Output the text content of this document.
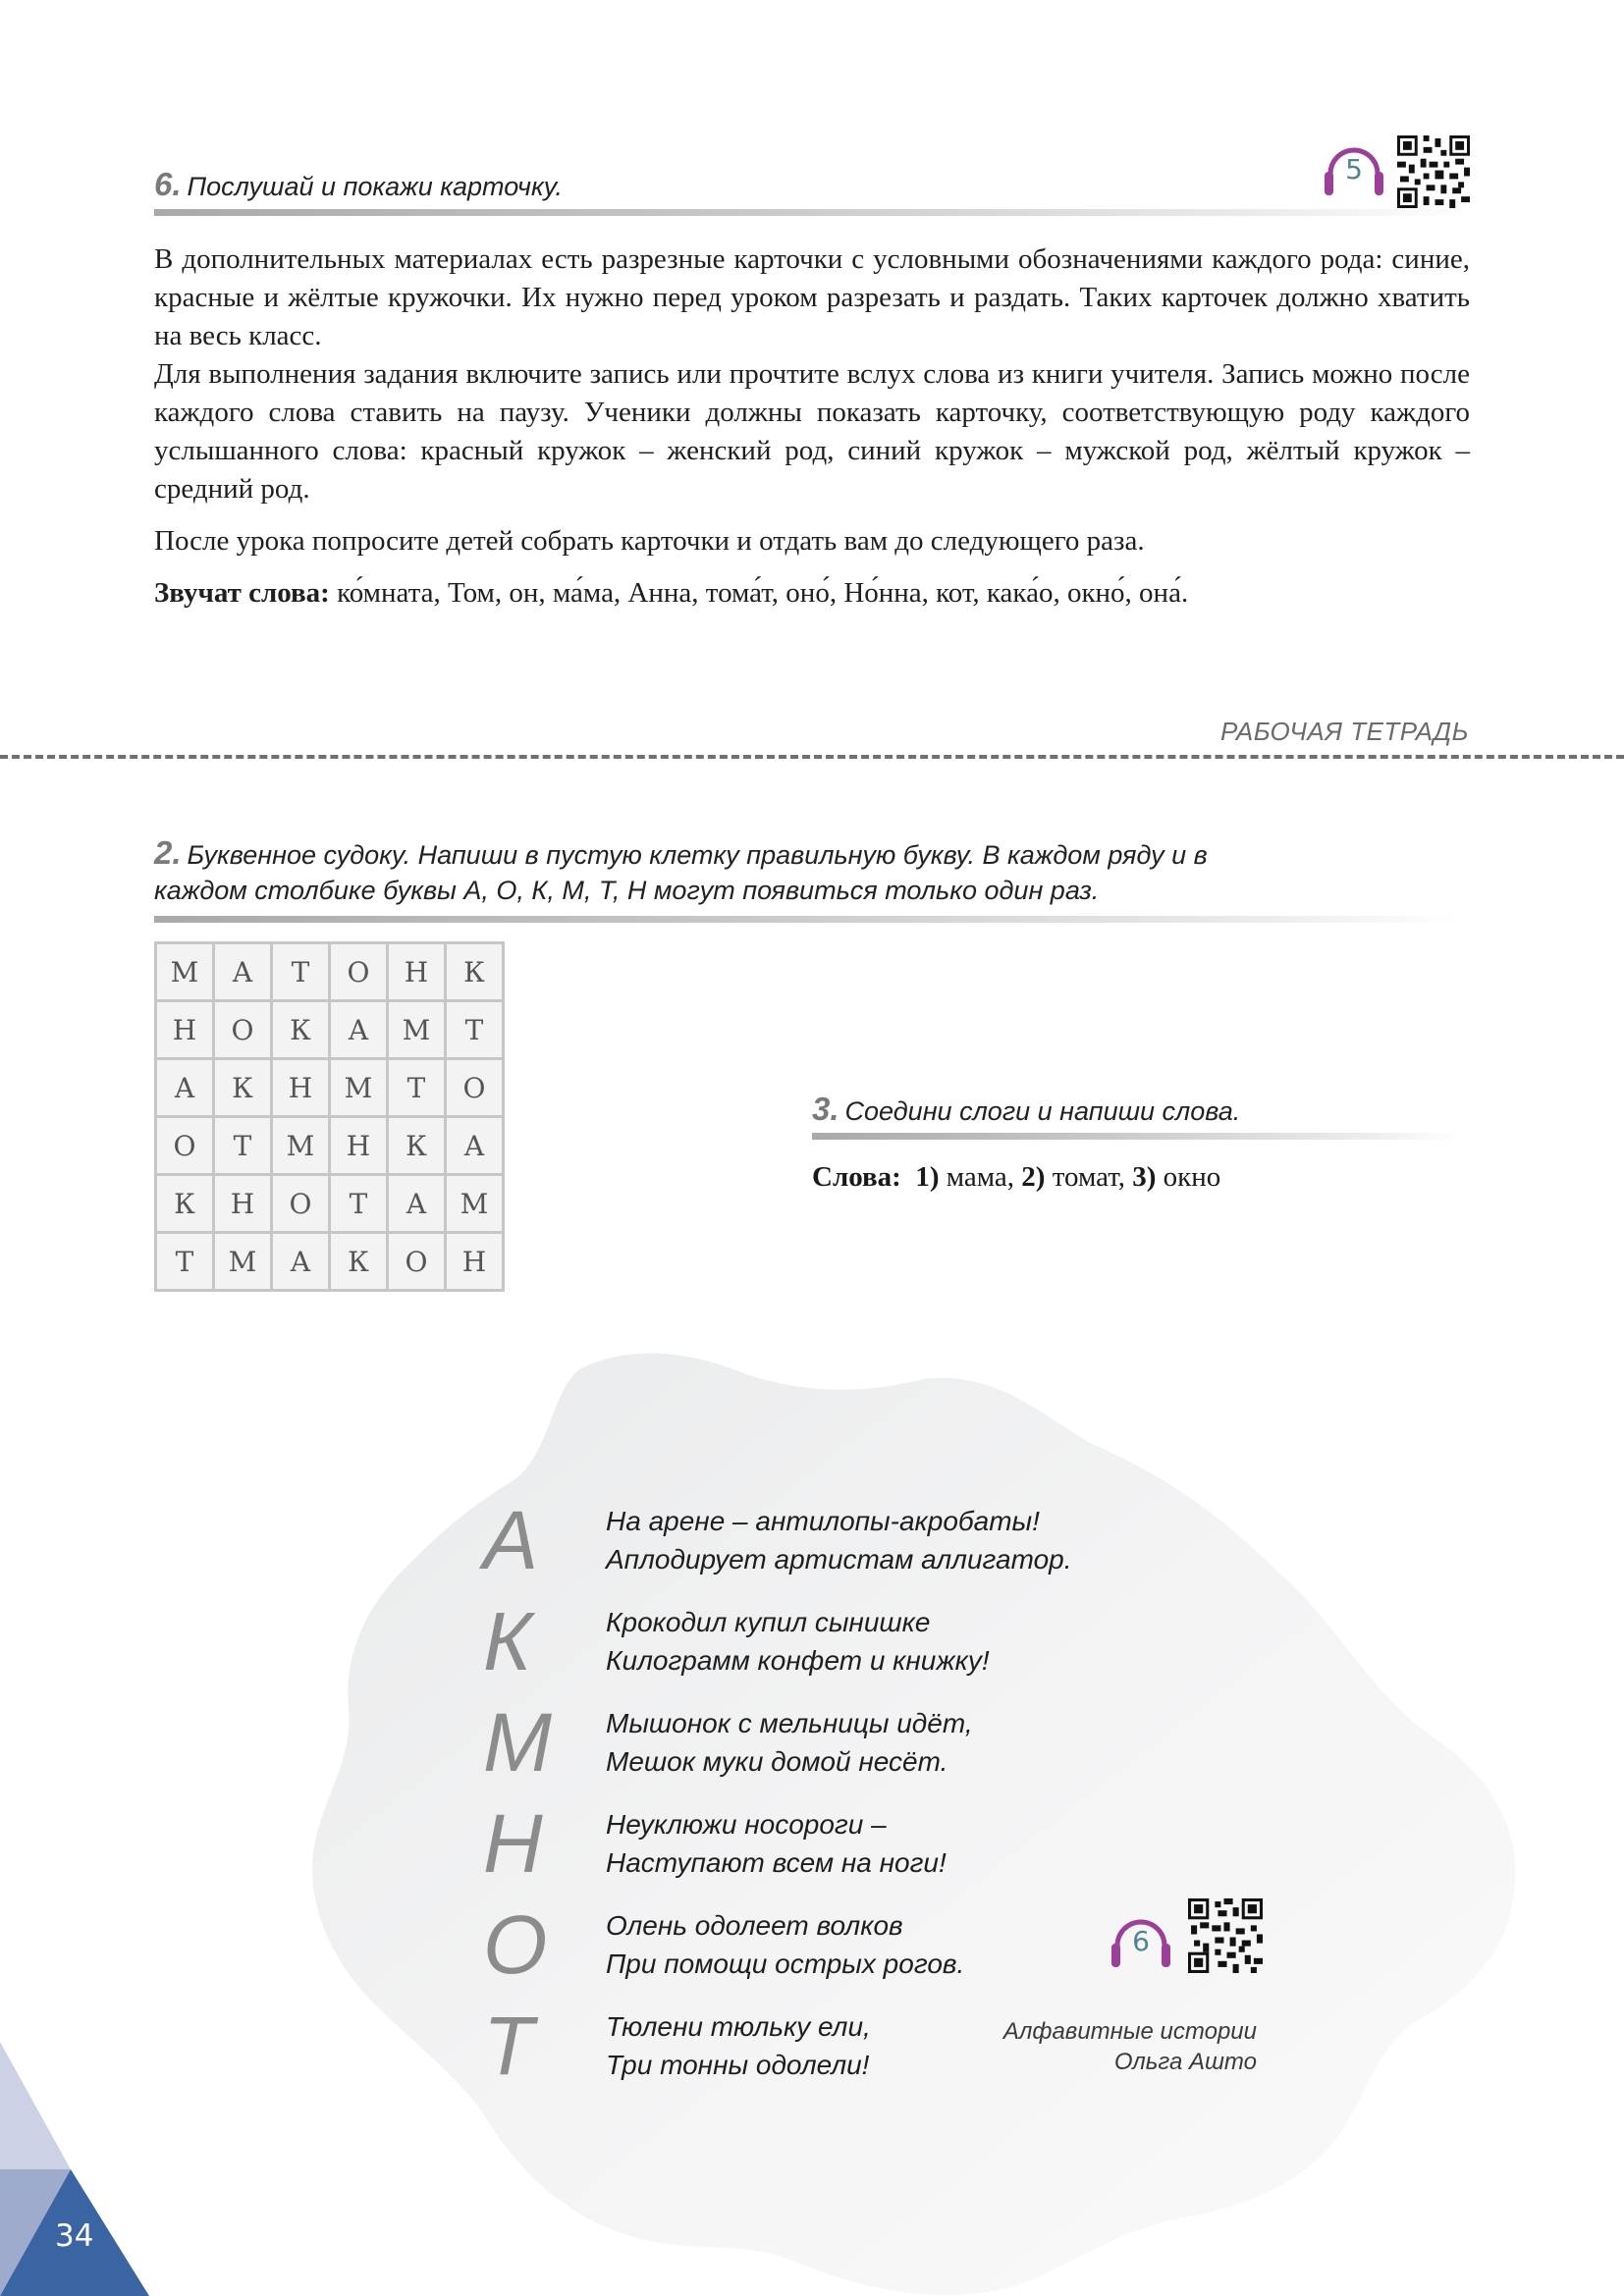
34
6. Послушай и покажи карточку.
5

В дополнительных материалах есть разрезные карточки с условными обозначениями каждого рода: синие, красные и жёлтые кружочки. Их нужно перед уроком разрезать и раздать. Таких карточек должно хватить на весь класс.

Для выполнения задания включите запись или прочтите вслух слова из книги учителя. Запись можно после каждого слова ставить на паузу. Ученики должны показать карточку, соответствующую роду каждого услышанного слова: красный кружок – женский род, синий кружок – мужской род, жёлтый кружок – средний род.

После урока попросите детей собрать карточки и отдать вам до следующего раза.

Звучат слова: ко́мната, Том, он, ма́ма, Анна, тома́т, оно́, Но́нна, кот, кака́о, окно́, она́.

РАБОЧАЯ ТЕТРАДЬ
2. Буквенное судоку. Напиши в пустую клетку правильную букву. В каждом ряду и в
каждом столбике буквы А, О, К, М, Т, Н могут появиться только один раз.
М	А	Т	О	Н	К
Н	О	К	А	М	Т
А	К	Н	М	Т	О
О	Т	М	Н	К	А
К	Н	О	Т	А	М
Т	М	А	К	О	Н
3. Соедини слоги и напиши слова.
Слова: 1) мама, 2) томат, 3) окно
А На арене – антилопы-акробаты!
Аплодирует артистам аллигатор.
К	Крокодил купил сынишке
Килограмм конфет и книжку!
М Мышонок с мельницы идёт,
Мешок муки домой несёт.
Н Неуклюжи носороги –
Наступают всем на ноги!
О Олень одолеет волков
При помощи острых рогов.
Т	Тюлени тюльку ели,
Три тонны одолели!
6
Алфавитные истории
Ольга Ашто
